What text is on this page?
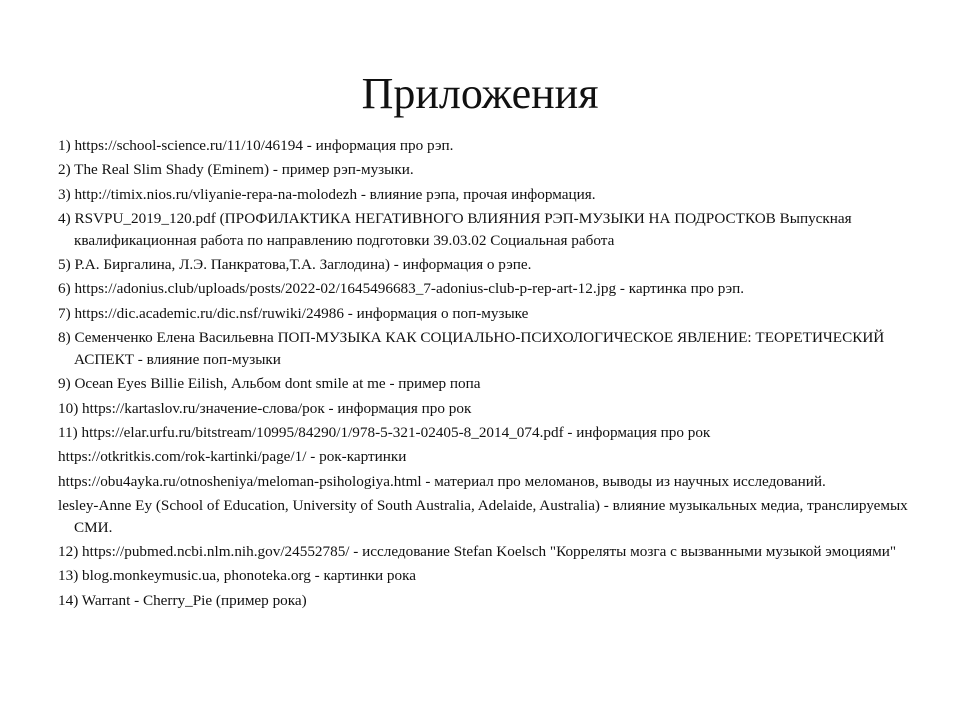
Приложения
1) https://school-science.ru/11/10/46194 - информация про рэп.
2) The Real Slim Shady (Eminem) - пример рэп-музыки.
3) http://timix.nios.ru/vliyanie-repa-na-molodezh - влияние рэпа, прочая информация.
4) RSVPU_2019_120.pdf (ПРОФИЛАКТИКА НЕГАТИВНОГО ВЛИЯНИЯ РЭП-МУЗЫКИ НА ПОДРОСТКОВ Выпускная квалификационная работа по направлению подготовки 39.03.02 Социальная работа
5) Р.А. Биргалина, Л.Э. Панкратова,Т.А. Заглодина) - информация о рэпе.
6) https://adonius.club/uploads/posts/2022-02/1645496683_7-adonius-club-p-rep-art-12.jpg - картинка про рэп.
7) https://dic.academic.ru/dic.nsf/ruwiki/24986 - информация о поп-музыке
8) Семенченко Елена Васильевна ПОП-МУЗЫКА КАК СОЦИАЛЬНО-ПСИХОЛОГИЧЕСКОЕ ЯВЛЕНИЕ: ТЕОРЕТИЧЕСКИЙ АСПЕКТ - влияние поп-музыки
9) Ocean Eyes Billie Eilish, Альбом dont smile at me - пример попа
10) https://kartaslov.ru/значение-слова/рок - информация про рок
11) https://elar.urfu.ru/bitstream/10995/84290/1/978-5-321-02405-8_2014_074.pdf - информация про рок
https://otkritkis.com/rok-kartinki/page/1/ - рок-картинки
https://obu4ayka.ru/otnosheniya/meloman-psihologiya.html - материал про меломанов, выводы из научных исследований.
lesley-Anne Ey (School of Education, University of South Australia, Adelaide, Australia) - влияние музыкальных медиа, транслируемых СМИ.
12) https://pubmed.ncbi.nlm.nih.gov/24552785/ - исследование Stefan Koelsch "Корреляты мозга с вызванными музыкой эмоциями"
13) blog.monkeymusic.ua, phonoteka.org - картинки рока
14) Warrant - Cherry_Pie (пример рока)
